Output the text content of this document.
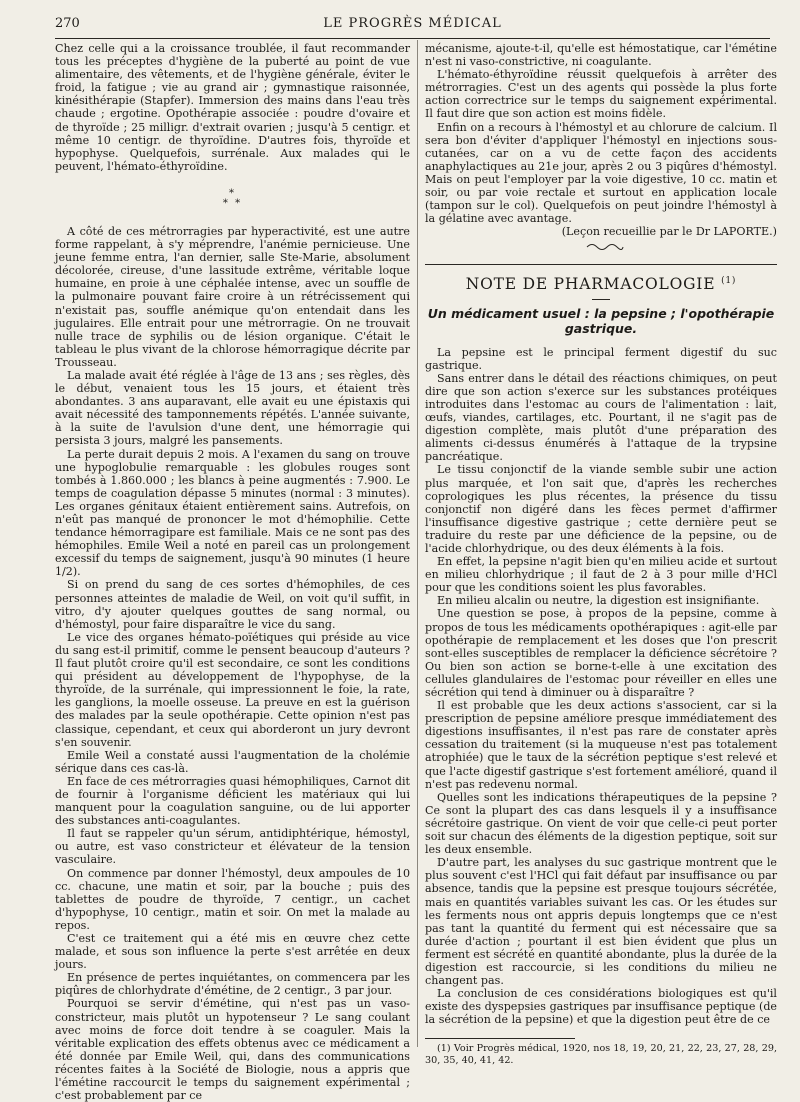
270	LE PROGRÈS MÉDICAL

Chez celle qui a la croissance troublée, il faut recommander tous les préceptes d'hygiène de la puberté au point de vue alimentaire, des vêtements, et de l'hygiène générale, éviter le froid, la fatigue ; vie au grand air ; gymnastique raisonnée, kinésithérapie (Stapfer). Immersion des mains dans l'eau très chaude ; ergotine. Opothérapie associée : poudre d'ovaire et de thyroïde ; 25 milligr. d'extrait ovarien ; jusqu'à 5 centigr. et même 10 centigr. de thyroïdine. D'autres fois, thyroïde et hypophyse. Quelquefois, surrénale. Aux malades qui le peuvent, l'hémato-éthyroïdine.

*
* *

A côté de ces métrorragies par hyperactivité, est une autre forme rappelant, à s'y méprendre, l'anémie pernicieuse. Une jeune femme entra, l'an dernier, salle Ste-Marie, absolument décolorée, cireuse, d'une lassitude extrême, véritable loque humaine, en proie à une céphalée intense, avec un souffle de la pulmonaire pouvant faire croire à un rétrécissement qui n'existait pas, souffle anémique qu'on entendait dans les jugulaires. Elle entrait pour une métrorragie. On ne trouvait nulle trace de syphilis ou de lésion organique. C'était le tableau le plus vivant de la chlorose hémorragique décrite par Trousseau.

La malade avait été réglée à l'âge de 13 ans ; ses règles, dès le début, venaient tous les 15 jours, et étaient très abondantes. 3 ans auparavant, elle avait eu une épistaxis qui avait nécessité des tamponnements répétés. L'année suivante, à la suite de l'avulsion d'une dent, une hémorragie qui persista 3 jours, malgré les pansements.

La perte durait depuis 2 mois. A l'examen du sang on trouve une hypoglobulie remarquable : les globules rouges sont tombés à 1.860.000 ; les blancs à peine augmentés : 7.900. Le temps de coagulation dépasse 5 minutes (normal : 3 minutes). Les organes génitaux étaient entièrement sains. Autrefois, on n'eût pas manqué de prononcer le mot d'hémophilie. Cette tendance hémorragipare est familiale. Mais ce ne sont pas des hémophiles. Emile Weil a noté en pareil cas un prolongement excessif du temps de saignement, jusqu'à 90 minutes (1 heure 1/2).

Si on prend du sang de ces sortes d'hémophiles, de ces personnes atteintes de maladie de Weil, on voit qu'il suffit, in vitro, d'y ajouter quelques gouttes de sang normal, ou d'hémostyl, pour faire disparaître le vice du sang.

Le vice des organes hémato-poïétiques qui préside au vice du sang est-il primitif, comme le pensent beaucoup d'auteurs ? Il faut plutôt croire qu'il est secondaire, ce sont les conditions qui président au développement de l'hypophyse, de la thyroïde, de la surrénale, qui impressionnent le foie, la rate, les ganglions, la moelle osseuse. La preuve en est la guérison des malades par la seule opothérapie. Cette opinion n'est pas classique, cependant, et ceux qui aborderont un jury devront s'en souvenir.

Emile Weil a constaté aussi l'augmentation de la cholémie sérique dans ces cas-là.

En face de ces métrorragies quasi hémophiliques, Carnot dit de fournir à l'organisme déficient les matériaux qui lui manquent pour la coagulation sanguine, ou de lui apporter des substances anti-coagulantes.

Il faut se rappeler qu'un sérum, antidiphtérique, hémostyl, ou autre, est vaso constricteur et élévateur de la tension vasculaire.

On commence par donner l'hémostyl, deux ampoules de 10 cc. chacune, une matin et soir, par la bouche ; puis des tablettes de poudre de thyroïde, 7 centigr., un cachet d'hypophyse, 10 centigr., matin et soir. On met la malade au repos.

C'est ce traitement qui a été mis en œuvre chez cette malade, et sous son influence la perte s'est arrêtée en deux jours.

En présence de pertes inquiétantes, on commencera par les piqûres de chlorhydrate d'émétine, de 2 centigr., 3 par jour.

Pourquoi se servir d'émétine, qui n'est pas un vaso-constricteur, mais plutôt un hypotenseur ? Le sang coulant avec moins de force doit tendre à se coaguler. Mais la véritable explication des effets obtenus avec ce médicament a été donnée par Emile Weil, qui, dans des communications récentes faites à la Société de Biologie, nous a appris que l'émétine raccourcit le temps du saignement expérimental ; c'est probablement par ce

mécanisme, ajoute-t-il, qu'elle est hémostatique, car l'émétine n'est ni vaso-constrictive, ni coagulante.

L'hémato-éthyroïdine réussit quelquefois à arrêter des métrorragies. C'est un des agents qui possède la plus forte action correctrice sur le temps du saignement expérimental. Il faut dire que son action est moins fidèle.

Enfin on a recours à l'hémostyl et au chlorure de calcium. Il sera bon d'éviter d'appliquer l'hémostyl en injections sous-cutanées, car on a vu de cette façon des accidents anaphylactiques au 21e jour, après 2 ou 3 piqûres d'hémostyl. Mais on peut l'employer par la voie digestive, 10 cc. matin et soir, ou par voie rectale et surtout en application locale (tampon sur le col). Quelquefois on peut joindre l'hémostyl à la gélatine avec avantage.

(Leçon recueillie par le Dr LAPORTE.)

NOTE DE PHARMACOLOGIE $^{(1)}$
Un médicament usuel : la pepsine ; l'opothérapie gastrique.

La pepsine est le principal ferment digestif du suc gastrique.

Sans entrer dans le détail des réactions chimiques, on peut dire que son action s'exerce sur les substances protéiques introduites dans l'estomac au cours de l'alimentation : lait, œufs, viandes, cartilages, etc. Pourtant, il ne s'agit pas de digestion complète, mais plutôt d'une préparation des aliments ci-dessus énumérés à l'attaque de la trypsine pancréatique.

Le tissu conjonctif de la viande semble subir une action plus marquée, et l'on sait que, d'après les recherches coprologiques les plus récentes, la présence du tissu conjonctif non digéré dans les fèces permet d'affirmer l'insuffisance digestive gastrique ; cette dernière peut se traduire du reste par une déficience de la pepsine, ou de l'acide chlorhydrique, ou des deux éléments à la fois.

En effet, la pepsine n'agit bien qu'en milieu acide et surtout en milieu chlorhydrique ; il faut de 2 à 3 pour mille d'HCl pour que les conditions soient les plus favorables.

En milieu alcalin ou neutre, la digestion est insignifiante.

Une question se pose, à propos de la pepsine, comme à propos de tous les médicaments opothérapiques : agit-elle par opothérapie de remplacement et les doses que l'on prescrit sont-elles susceptibles de remplacer la déficience sécrétoire ? Ou bien son action se borne-t-elle à une excitation des cellules glandulaires de l'estomac pour réveiller en elles une sécrétion qui tend à diminuer ou à disparaître ?

Il est probable que les deux actions s'associent, car si la prescription de pepsine améliore presque immédiatement des digestions insuffisantes, il n'est pas rare de constater après cessation du traitement (si la muqueuse n'est pas totalement atrophiée) que le taux de la sécrétion peptique s'est relevé et que l'acte digestif gastrique s'est fortement amélioré, quand il n'est pas redevenu normal.

Quelles sont les indications thérapeutiques de la pepsine ? Ce sont la plupart des cas dans lesquels il y a insuffisance sécrétoire gastrique. On vient de voir que celle-ci peut porter soit sur chacun des éléments de la digestion peptique, soit sur les deux ensemble.

D'autre part, les analyses du suc gastrique montrent que le plus souvent c'est l'HCl qui fait défaut par insuffisance ou par absence, tandis que la pepsine est presque toujours sécrétée, mais en quantités variables suivant les cas. Or les études sur les ferments nous ont appris depuis longtemps que ce n'est pas tant la quantité du ferment qui est nécessaire que sa durée d'action ; pourtant il est bien évident que plus un ferment est sécrété en quantité abondante, plus la durée de la digestion est raccourcie, si les conditions du milieu ne changent pas.

La conclusion de ces considérations biologiques est qu'il existe des dyspepsies gastriques par insuffisance peptique (de la sécrétion de la pepsine) et que la digestion peut être de ce

(1) Voir Progrès médical, 1920, nos 18, 19, 20, 21, 22, 23, 27, 28, 29, 30, 35, 40, 41, 42.
